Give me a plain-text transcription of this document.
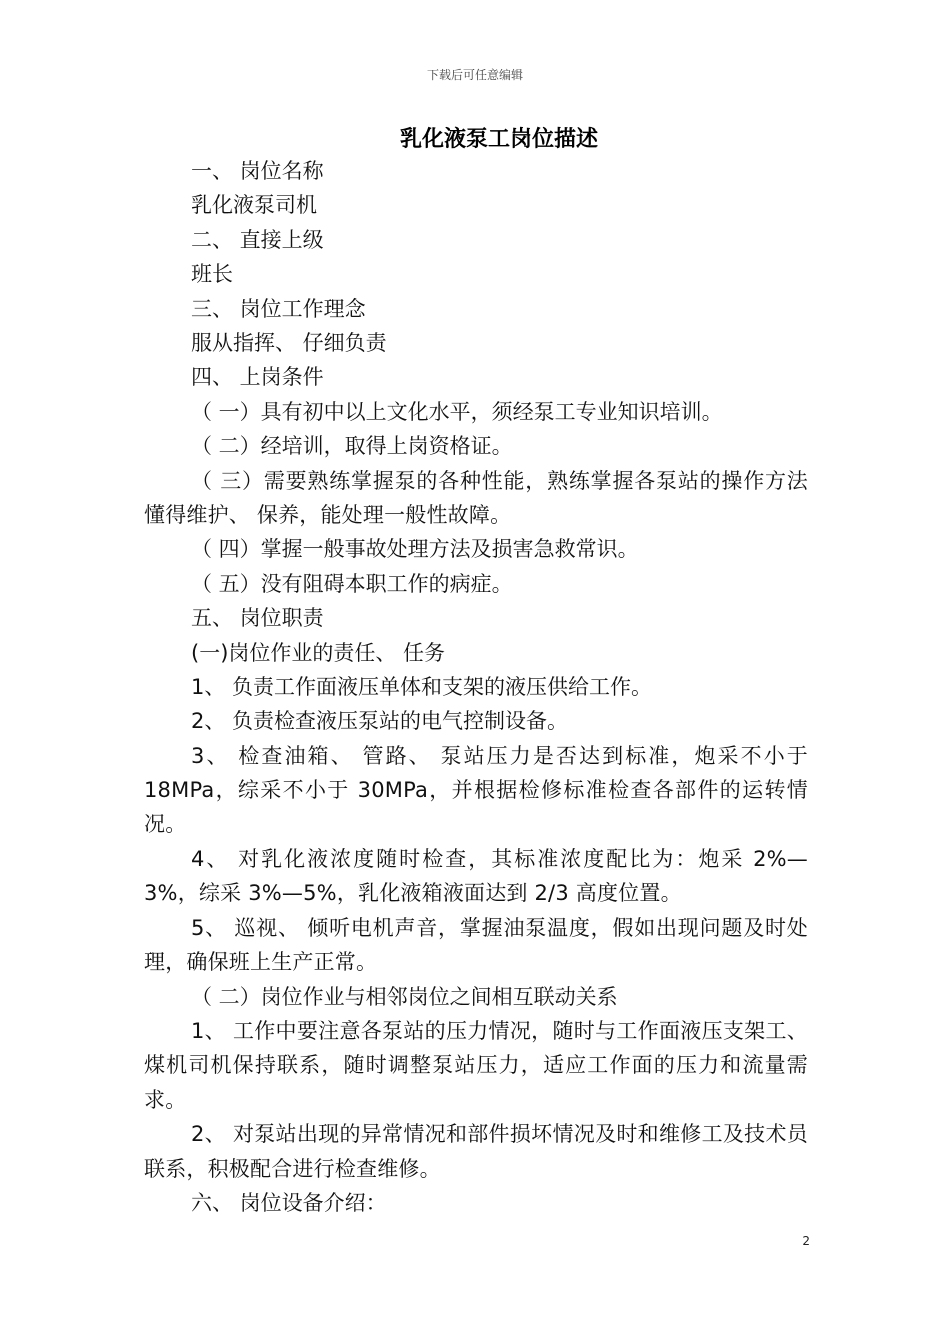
下载后可任意编辑
乳化液泵工岗位描述
一、 岗位名称
乳化液泵司机
二、 直接上级
班长
三、 岗位工作理念
服从指挥、 仔细负责
四、 上岗条件
（ 一）具有初中以上文化水平，须经泵工专业知识培训。
（ 二）经培训，取得上岗资格证。
（ 三）需要熟练掌握泵的各种性能，熟练掌握各泵站的操作方法懂得维护、 保养，能处理一般性故障。
（ 四）掌握一般事故处理方法及损害急救常识。
（ 五）没有阻碍本职工作的病症。
五、 岗位职责
(一)岗位作业的责任、 任务
1、 负责工作面液压单体和支架的液压供给工作。
2、 负责检查液压泵站的电气控制设备。
3、 检查油箱、 管路、 泵站压力是否达到标准，炮采不小于 18MPa，综采不小于 30MPa，并根据检修标准检查各部件的运转情况。
4、 对乳化液浓度随时检查，其标准浓度配比为：炮采 2%—3%，综采 3%—5%，乳化液箱液面达到 2/3 高度位置。
5、 巡视、 倾听电机声音，掌握油泵温度，假如出现问题及时处理，确保班上生产正常。
（ 二）岗位作业与相邻岗位之间相互联动关系
1、 工作中要注意各泵站的压力情况，随时与工作面液压支架工、 煤机司机保持联系，随时调整泵站压力，适应工作面的压力和流量需求。
2、 对泵站出现的异常情况和部件损坏情况及时和维修工及技术员联系，积极配合进行检查维修。
六、 岗位设备介绍：
2
